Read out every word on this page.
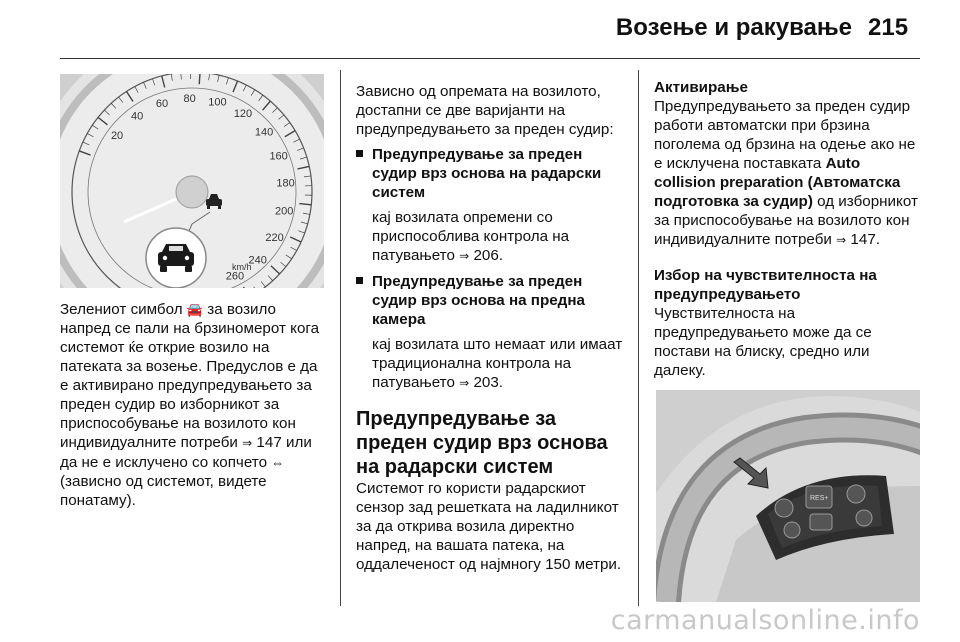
Возење и ракување 215
20
40
60 80 100
120
140
160
180
200
220
240
260
km/h

Зелениот симбол 🚘 за возило напред се пали на брзиномерот кога системот ќе открие возило на патеката за возење. Предуслов е да е активирано предупредувањето за преден судир во изборникот за приспособување на возилото кон индивидуалните потреби ⇒ 147 или да не е исклучено со копчето ⇔ (зависно од системот, видете понатаму).

Зависно од опремата на возилото, достапни се две варијанти на предупредувањето за преден судир:

Предупредување за преден судир врз основа на радарски систем
кај возилата опремени со приспособлива контрола на патувањето ⇒ 206.
Предупредување за преден судир врз основа на предна камера
кај возилата што немаат или имаат традиционална контрола на патувањето ⇒ 203.
Предупредување за преден судир врз основа на радарски систем

Системот го користи радарскиот сензор зад решетката на ладилникот за да открива возила директно напред, на вашата патека, на оддалеченост од најмногу 150 метри.

Активирање

Предупредувањето за преден судир работи автоматски при брзина поголема од брзина на одење ако не е исклучена поставката Auto collision preparation (Автоматска подготовка за судир) од изборникот за приспособување на возилото кон индивидуалните потреби ⇒ 147.

Избор на чувствителноста на предупредувањето

Чувствителноста на предупредувањето може да се постави на блиску, средно или далеку.

RES+
carmanualsonline.info
